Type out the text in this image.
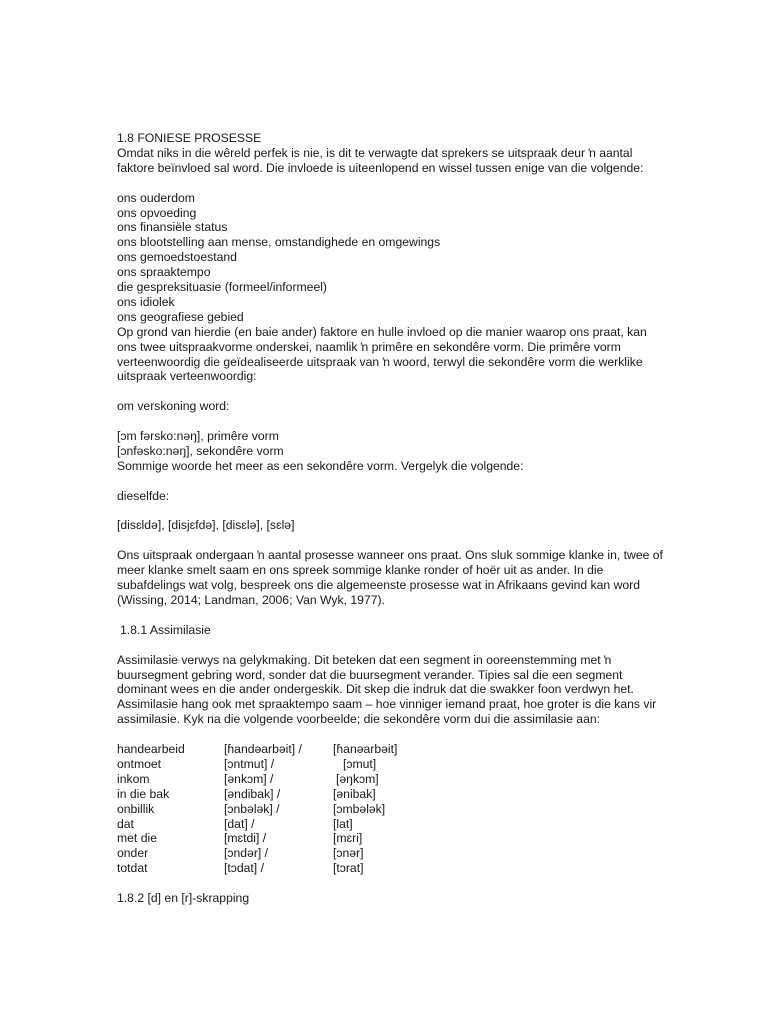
1.8 FONIESE PROSESSE
Omdat niks in die wêreld perfek is nie, is dit te verwagte dat sprekers se uitspraak deur ŉ aantal
faktore beïnvloed sal word. Die invloede is uiteenlopend en wissel tussen enige van die volgende:
ons ouderdom
ons opvoeding
ons finansiële status
ons blootstelling aan mense, omstandighede en omgewings
ons gemoedstoestand
ons spraaktempo
die gespreksituasie (formeel/informeel)
ons idiolek
ons geografiese gebied
Op grond van hierdie (en baie ander) faktore en hulle invloed op die manier waarop ons praat, kan
ons twee uitspraakvorme onderskei, naamlik ŉ primêre en sekondêre vorm. Die primêre vorm
verteenwoordig die geïdealiseerde uitspraak van ŉ woord, terwyl die sekondêre vorm die werklike
uitspraak verteenwoordig:
om verskoning word:
[ɔm fərsko:nəŋ], primêre vorm
[ɔnfəsko:nəŋ], sekondêre vorm
Sommige woorde het meer as een sekondêre vorm. Vergelyk die volgende:
dieselfde:
[disɛldə], [disjɛfdə], [disɛlə], [sɛlə]
Ons uitspraak ondergaan ŉ aantal prosesse wanneer ons praat. Ons sluk sommige klanke in, twee of
meer klanke smelt saam en ons spreek sommige klanke ronder of hoër uit as ander. In die
subafdelings wat volg, bespreek ons die algemeenste prosesse wat in Afrikaans gevind kan word
(Wissing, 2014; Landman, 2006; Van Wyk, 1977).
1.8.1 Assimilasie
Assimilasie verwys na gelykmaking. Dit beteken dat een segment in ooreenstemming met ŉ
buursegment gebring word, sonder dat die buursegment verander. Tipies sal die een segment
dominant wees en die ander ondergeskik. Dit skep die indruk dat die swakker foon verdwyn het.
Assimilasie hang ook met spraaktempo saam – hoe vinniger iemand praat, hoe groter is die kans vir
assimilasie. Kyk na die volgende voorbeelde; die sekondêre vorm dui die assimilasie aan:
handearbeid	[ɦandəarbəit] /	[ɦanəarbəit]
ontmoet	[ɔntmut] /	[ɔmut]
inkom	[ənkɔm] /	[əŋkɔm]
in die bak	[əndibak] /	[ənibak]
onbillik	[ɔnbələk] /	[ɔmbələk]
dat	[dat] /	[lat]
met die	[mɛtdi] /	[mɛri]
onder	[ɔndər] /	[ɔnər]
totdat	[tɔdat] /	[tɔrat]
1.8.2 [d] en [r]-skrapping
